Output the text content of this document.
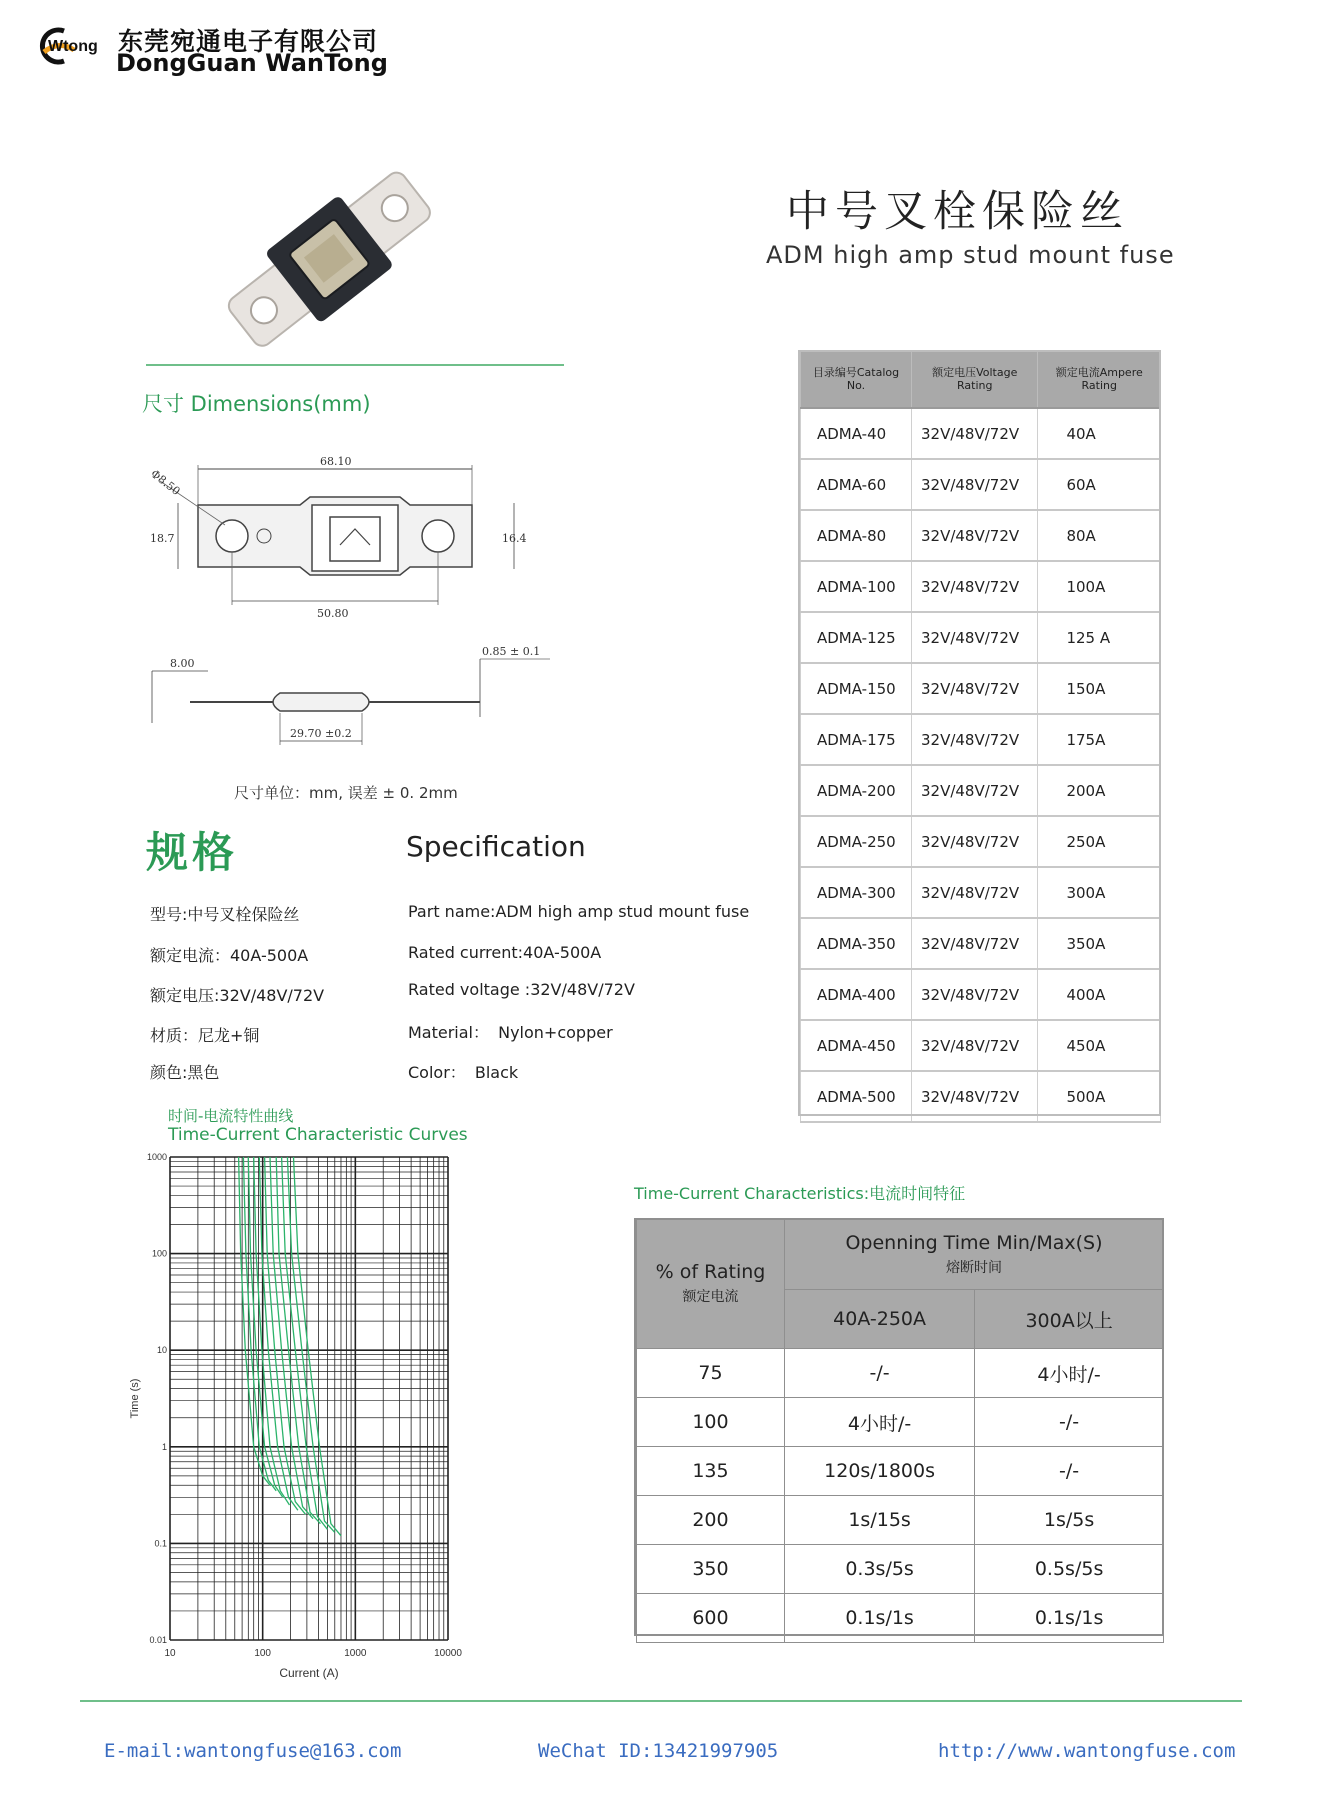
Wtong 东莞宛通电子有限公司
DongGuan WanTong
中号叉栓保险丝
ADM high amp stud mount fuse
尺寸 Dimensions(mm)
68.10
Φ8.50
18.7	16.4
50.80
8.00
0.85 ± 0.1
29.70 ±0.2
尺寸单位：mm, 误差 ± 0. 2mm
规格	Specification
型号:中号叉栓保险丝
额定电流：40A-500A
额定电压:32V/48V/72V
材质：尼龙+铜
颜色:黑色
Part name:ADM high amp stud mount fuse
Rated current:40A-500A
Rated voltage :32V/48V/72V
Material： Nylon+copper
Color： Black
目录编号Catalog No.	额定电压Voltage Rating	额定电流Ampere Rating
ADMA-40	32V/48V/72V	40A
ADMA-60	32V/48V/72V	60A
ADMA-80	32V/48V/72V	80A
ADMA-100	32V/48V/72V	100A
ADMA-125	32V/48V/72V	125 A
ADMA-150	32V/48V/72V	150A
ADMA-175	32V/48V/72V	175A
ADMA-200	32V/48V/72V	200A
ADMA-250	32V/48V/72V	250A
ADMA-300	32V/48V/72V	300A
ADMA-350	32V/48V/72V	350A
ADMA-400	32V/48V/72V	400A
ADMA-450	32V/48V/72V	450A
ADMA-500	32V/48V/72V	500A
时间-电流特性曲线
Time-Current Characteristic Curves
10	100	1000	10000
1000
100
10
1
0.1
0.01
Current (A)
Time (s)
Time-Current Characteristics:电流时间特征
% of Rating
额定电流	Openning Time Min/Max(S)
熔断时间	

	40A-250A	300A以上
75	-/-	4小时/-
100	4小时/-	-/-
135	120s/1800s	-/-
200	1s/15s	1s/5s
350	0.3s/5s	0.5s/5s
600	0.1s/1s	0.1s/1s
E-mail:wantongfuse@163.com	WeChat ID:13421997905	http://www.wantongfuse.com
